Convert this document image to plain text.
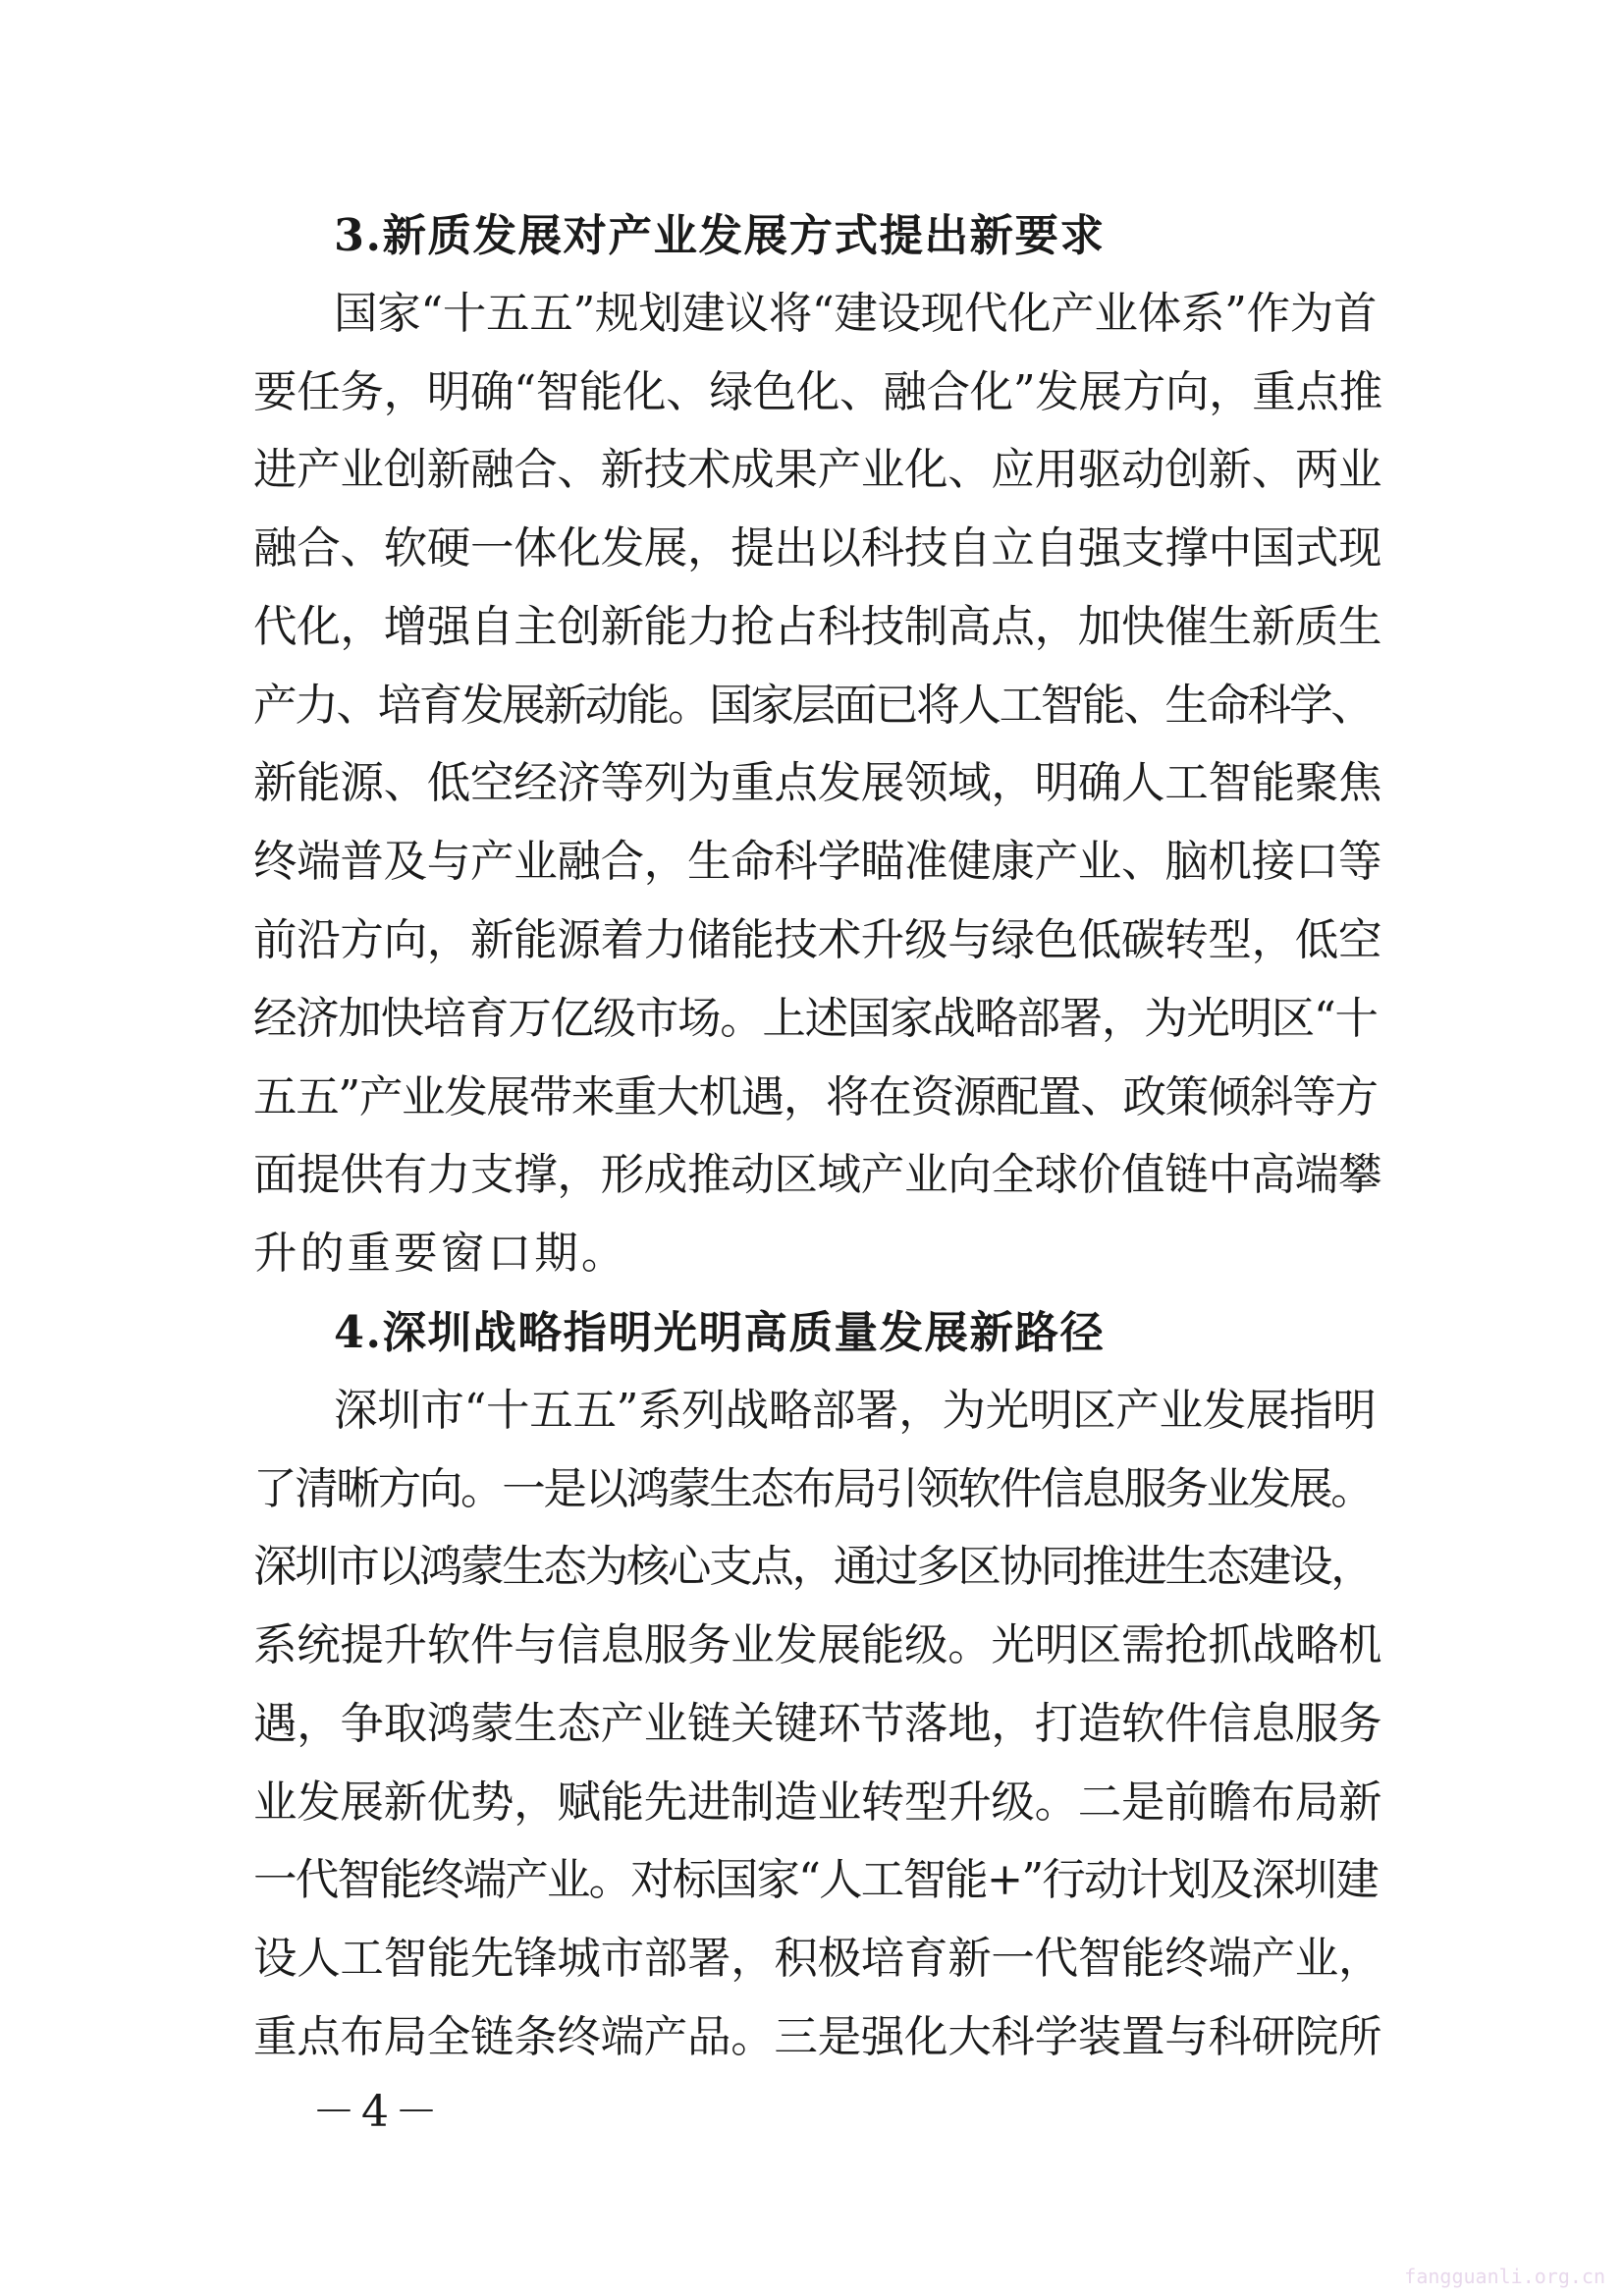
3.新质发展对产业发展方式提出新要求
国家“十五五”规划建议将“建设现代化产业体系”作为首
要任务，明确“智能化、绿色化、融合化”发展方向，重点推
进产业创新融合、新技术成果产业化、应用驱动创新、两业
融合、软硬一体化发展，提出以科技自立自强支撑中国式现
代化，增强自主创新能力抢占科技制高点，加快催生新质生
产力、培育发展新动能。国家层面已将人工智能、生命科学、
新能源、低空经济等列为重点发展领域，明确人工智能聚焦
终端普及与产业融合，生命科学瞄准健康产业、脑机接口等
前沿方向，新能源着力储能技术升级与绿色低碳转型，低空
经济加快培育万亿级市场。上述国家战略部署，为光明区“十
五五”产业发展带来重大机遇，将在资源配置、政策倾斜等方
面提供有力支撑，形成推动区域产业向全球价值链中高端攀
升的重要窗口期。
4.深圳战略指明光明高质量发展新路径
深圳市“十五五”系列战略部署，为光明区产业发展指明
了清晰方向。一是以鸿蒙生态布局引领软件信息服务业发展。
深圳市以鸿蒙生态为核心支点，通过多区协同推进生态建设，
系统提升软件与信息服务业发展能级。光明区需抢抓战略机
遇，争取鸿蒙生态产业链关键环节落地，打造软件信息服务
业发展新优势，赋能先进制造业转型升级。二是前瞻布局新
一代智能终端产业。对标国家“人工智能+”行动计划及深圳建
设人工智能先锋城市部署，积极培育新一代智能终端产业，
重点布局全链条终端产品。三是强化大科学装置与科研院所
－4－
fangguanli.org.cn
